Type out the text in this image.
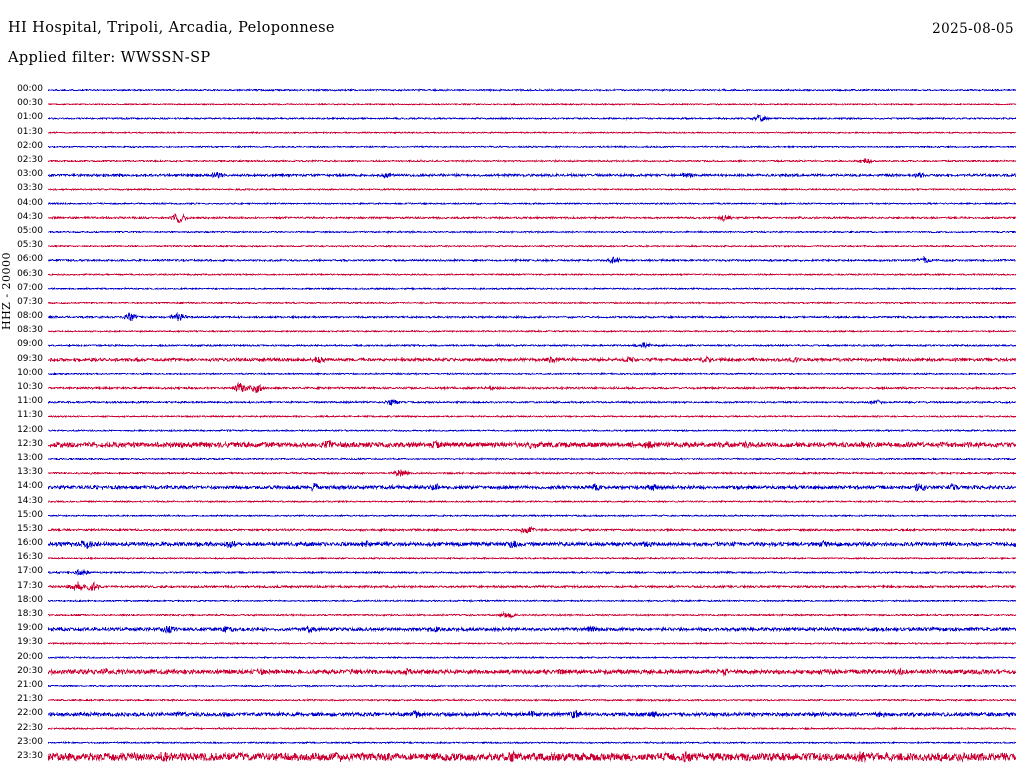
HI Hospital, Tripoli, Arcadia, Peloponnese	2025-08-05
Applied filter: WWSSN-SP
HHZ - 20000
00:00
00:30
01:00
01:30
02:00
02:30
03:00
03:30
04:00
04:30
05:00
05:30
06:00
06:30
07:00
07:30
08:00
08:30
09:00
09:30
10:00
10:30
11:00
11:30
12:00
12:30
13:00
13:30
14:00
14:30
15:00
15:30
16:00
16:30
17:00
17:30
18:00
18:30
19:00
19:30
20:00
20:30
21:00
21:30
22:00
22:30
23:00
23:30
